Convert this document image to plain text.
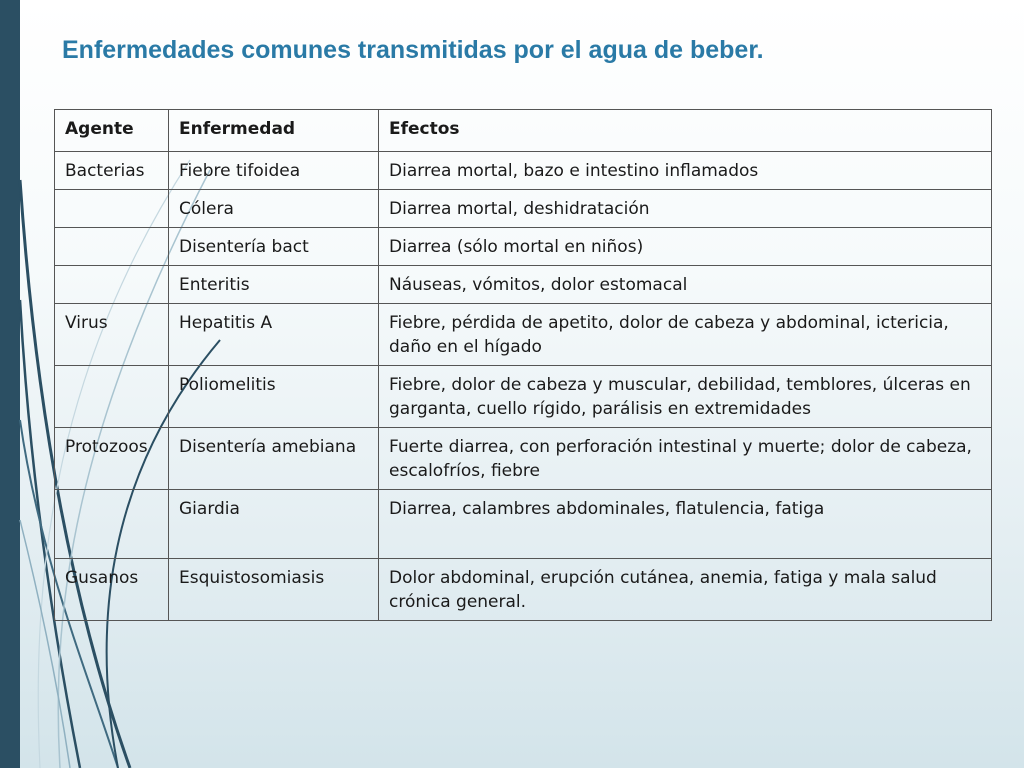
Enfermedades comunes transmitidas por el agua de beber.
Agente	Enfermedad	Efectos
Bacterias	Fiebre tifoidea	Diarrea mortal, bazo e intestino inflamados
	Cólera	Diarrea mortal, deshidratación
	Disentería bact	Diarrea (sólo mortal en niños)
	Enteritis	Náuseas, vómitos, dolor estomacal
Virus	Hepatitis A	Fiebre, pérdida de apetito, dolor de cabeza y abdominal, ictericia, daño en el hígado
	Poliomelitis	Fiebre, dolor de cabeza y muscular, debilidad, temblores, úlceras en garganta, cuello rígido, parálisis en extremidades
Protozoos	Disentería amebiana	Fuerte diarrea, con perforación intestinal y muerte; dolor de cabeza, escalofríos, fiebre
	Giardia	Diarrea, calambres abdominales, flatulencia, fatiga
Gusanos	Esquistosomiasis	Dolor abdominal, erupción cutánea, anemia, fatiga y mala salud crónica general.
